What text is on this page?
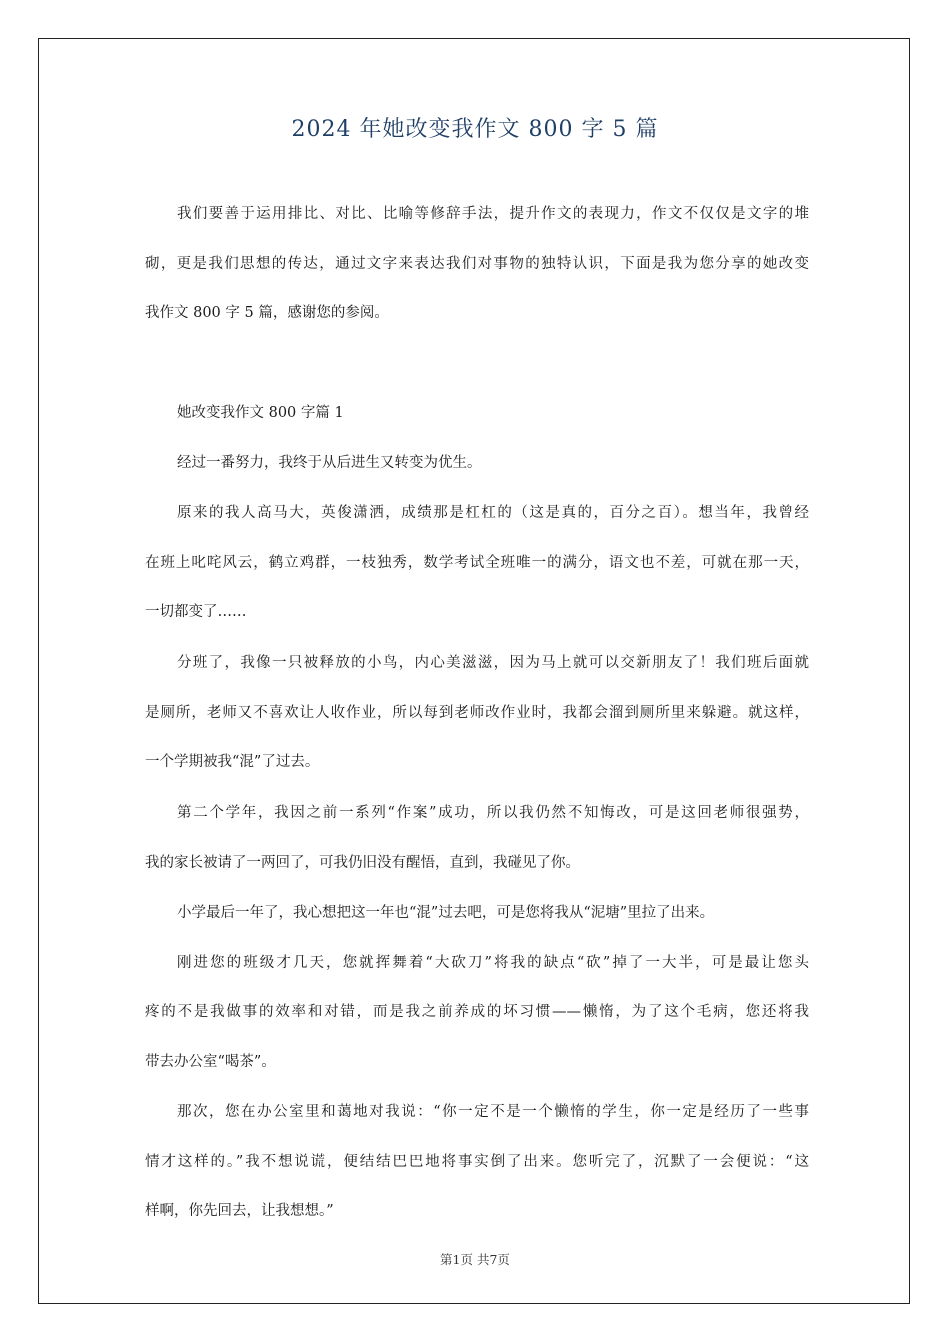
2024 年她改变我作文 800 字 5 篇
我们要善于运用排比、对比、比喻等修辞手法，提升作文的表现力，作文不仅仅是文字的堆
砌，更是我们思想的传达，通过文字来表达我们对事物的独特认识，下面是我为您分享的她改变
我作文 800 字 5 篇，感谢您的参阅。
她改变我作文 800 字篇 1
经过一番努力，我终于从后进生又转变为优生。
原来的我人高马大，英俊潇洒，成绩那是杠杠的（这是真的，百分之百）。想当年，我曾经
在班上叱咤风云，鹤立鸡群，一枝独秀，数学考试全班唯一的满分，语文也不差，可就在那一天，
一切都变了……
分班了，我像一只被释放的小鸟，内心美滋滋，因为马上就可以交新朋友了！我们班后面就
是厕所，老师又不喜欢让人收作业，所以每到老师改作业时，我都会溜到厕所里来躲避。就这样，
一个学期被我“混”了过去。
第二个学年，我因之前一系列“作案”成功，所以我仍然不知悔改，可是这回老师很强势，
我的家长被请了一两回了，可我仍旧没有醒悟，直到，我碰见了你。
小学最后一年了，我心想把这一年也“混”过去吧，可是您将我从“泥塘”里拉了出来。
刚进您的班级才几天，您就挥舞着“大砍刀”将我的缺点“砍”掉了一大半，可是最让您头
疼的不是我做事的效率和对错，而是我之前养成的坏习惯——懒惰，为了这个毛病，您还将我
带去办公室“喝茶”。
那次，您在办公室里和蔼地对我说：“你一定不是一个懒惰的学生，你一定是经历了一些事
情才这样的。”我不想说谎，便结结巴巴地将事实倒了出来。您听完了，沉默了一会便说：“这
样啊，你先回去，让我想想。”
第1页 共7页
